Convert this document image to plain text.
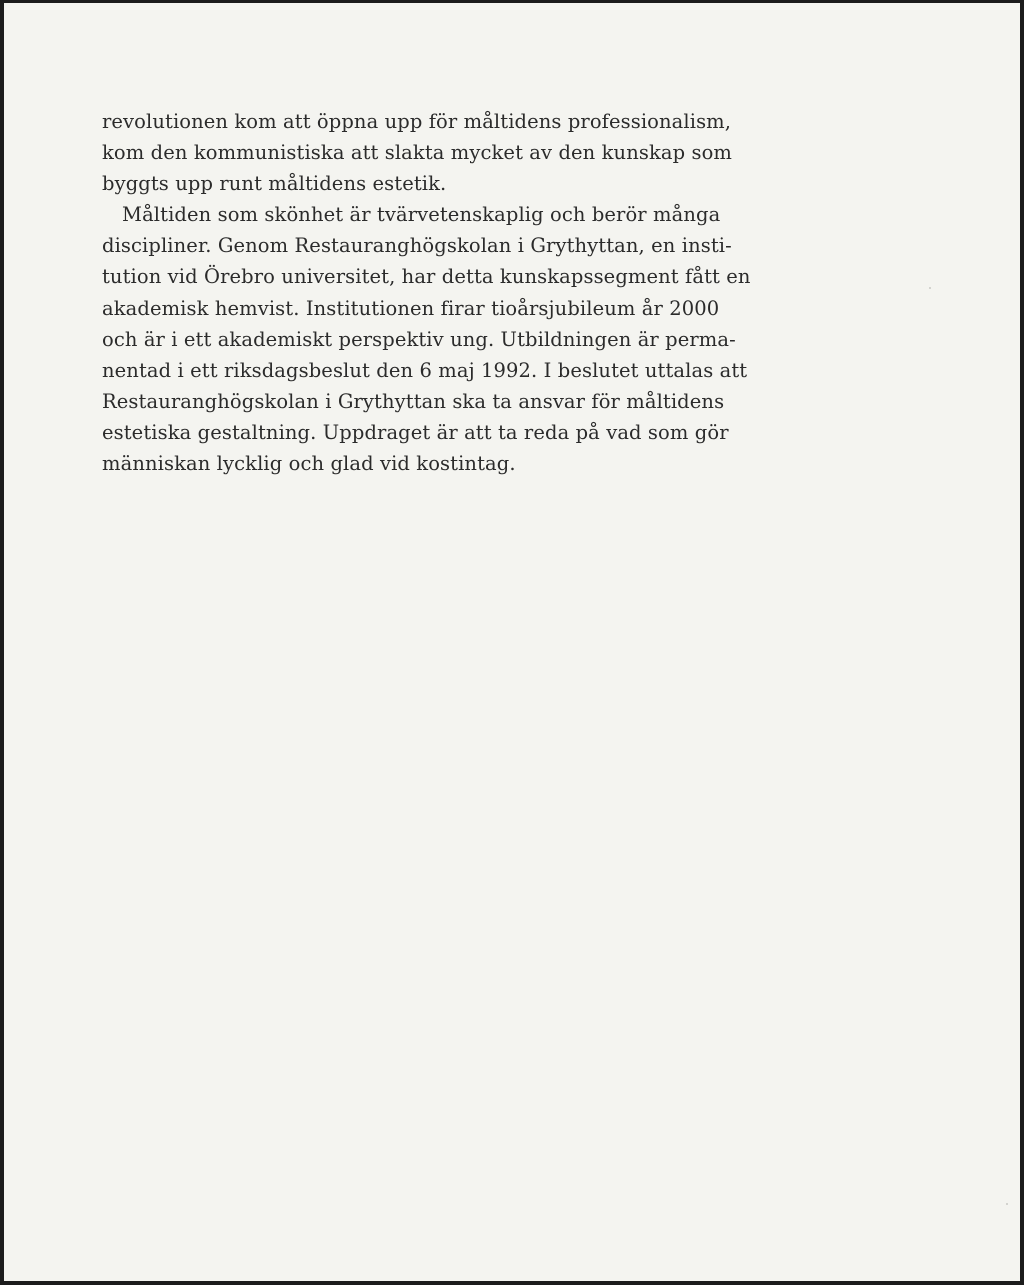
revolutionen kom att öppna upp för måltidens professionalism,
kom den kommunistiska att slakta mycket av den kunskap som
byggts upp runt måltidens estetik.
Måltiden som skönhet är tvärvetenskaplig och berör många
discipliner. Genom Restauranghögskolan i Grythyttan, en insti-
tution vid Örebro universitet, har detta kunskapssegment fått en
akademisk hemvist. Institutionen firar tioårsjubileum år 2000
och är i ett akademiskt perspektiv ung. Utbildningen är perma-
nentad i ett riksdagsbeslut den 6 maj 1992. I beslutet uttalas att
Restauranghögskolan i Grythyttan ska ta ansvar för måltidens
estetiska gestaltning. Uppdraget är att ta reda på vad som gör
människan lycklig och glad vid kostintag.
